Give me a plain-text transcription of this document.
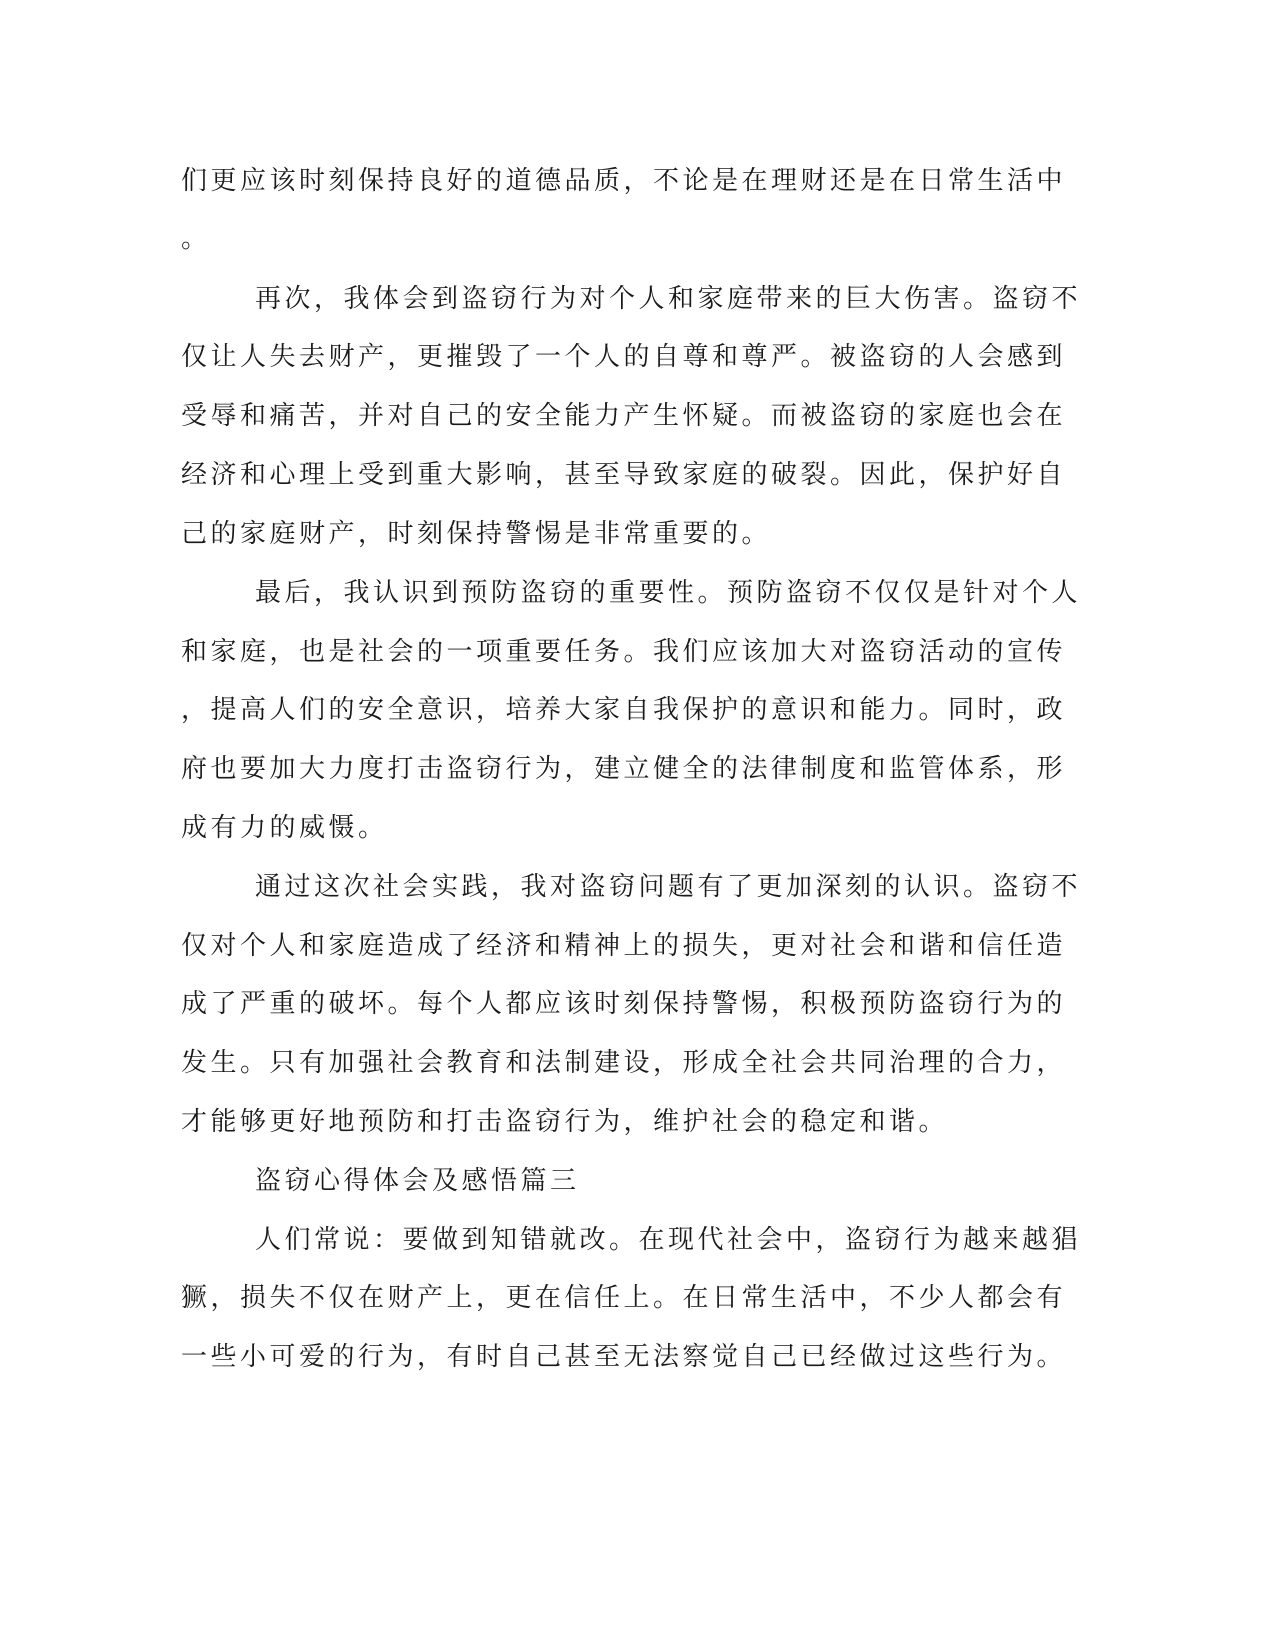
们更应该时刻保持良好的道德品质，不论是在理财还是在日常生活中
。
再次，我体会到盗窃行为对个人和家庭带来的巨大伤害。盗窃不
仅让人失去财产，更摧毁了一个人的自尊和尊严。被盗窃的人会感到
受辱和痛苦，并对自己的安全能力产生怀疑。而被盗窃的家庭也会在
经济和心理上受到重大影响，甚至导致家庭的破裂。因此，保护好自
己的家庭财产，时刻保持警惕是非常重要的。
最后，我认识到预防盗窃的重要性。预防盗窃不仅仅是针对个人
和家庭，也是社会的一项重要任务。我们应该加大对盗窃活动的宣传
，提高人们的安全意识，培养大家自我保护的意识和能力。同时，政
府也要加大力度打击盗窃行为，建立健全的法律制度和监管体系，形
成有力的威慑。
通过这次社会实践，我对盗窃问题有了更加深刻的认识。盗窃不
仅对个人和家庭造成了经济和精神上的损失，更对社会和谐和信任造
成了严重的破坏。每个人都应该时刻保持警惕，积极预防盗窃行为的
发生。只有加强社会教育和法制建设，形成全社会共同治理的合力，
才能够更好地预防和打击盗窃行为，维护社会的稳定和谐。
盗窃心得体会及感悟篇三
人们常说：要做到知错就改。在现代社会中，盗窃行为越来越猖
獗，损失不仅在财产上，更在信任上。在日常生活中，不少人都会有
一些小可爱的行为，有时自己甚至无法察觉自己已经做过这些行为。
